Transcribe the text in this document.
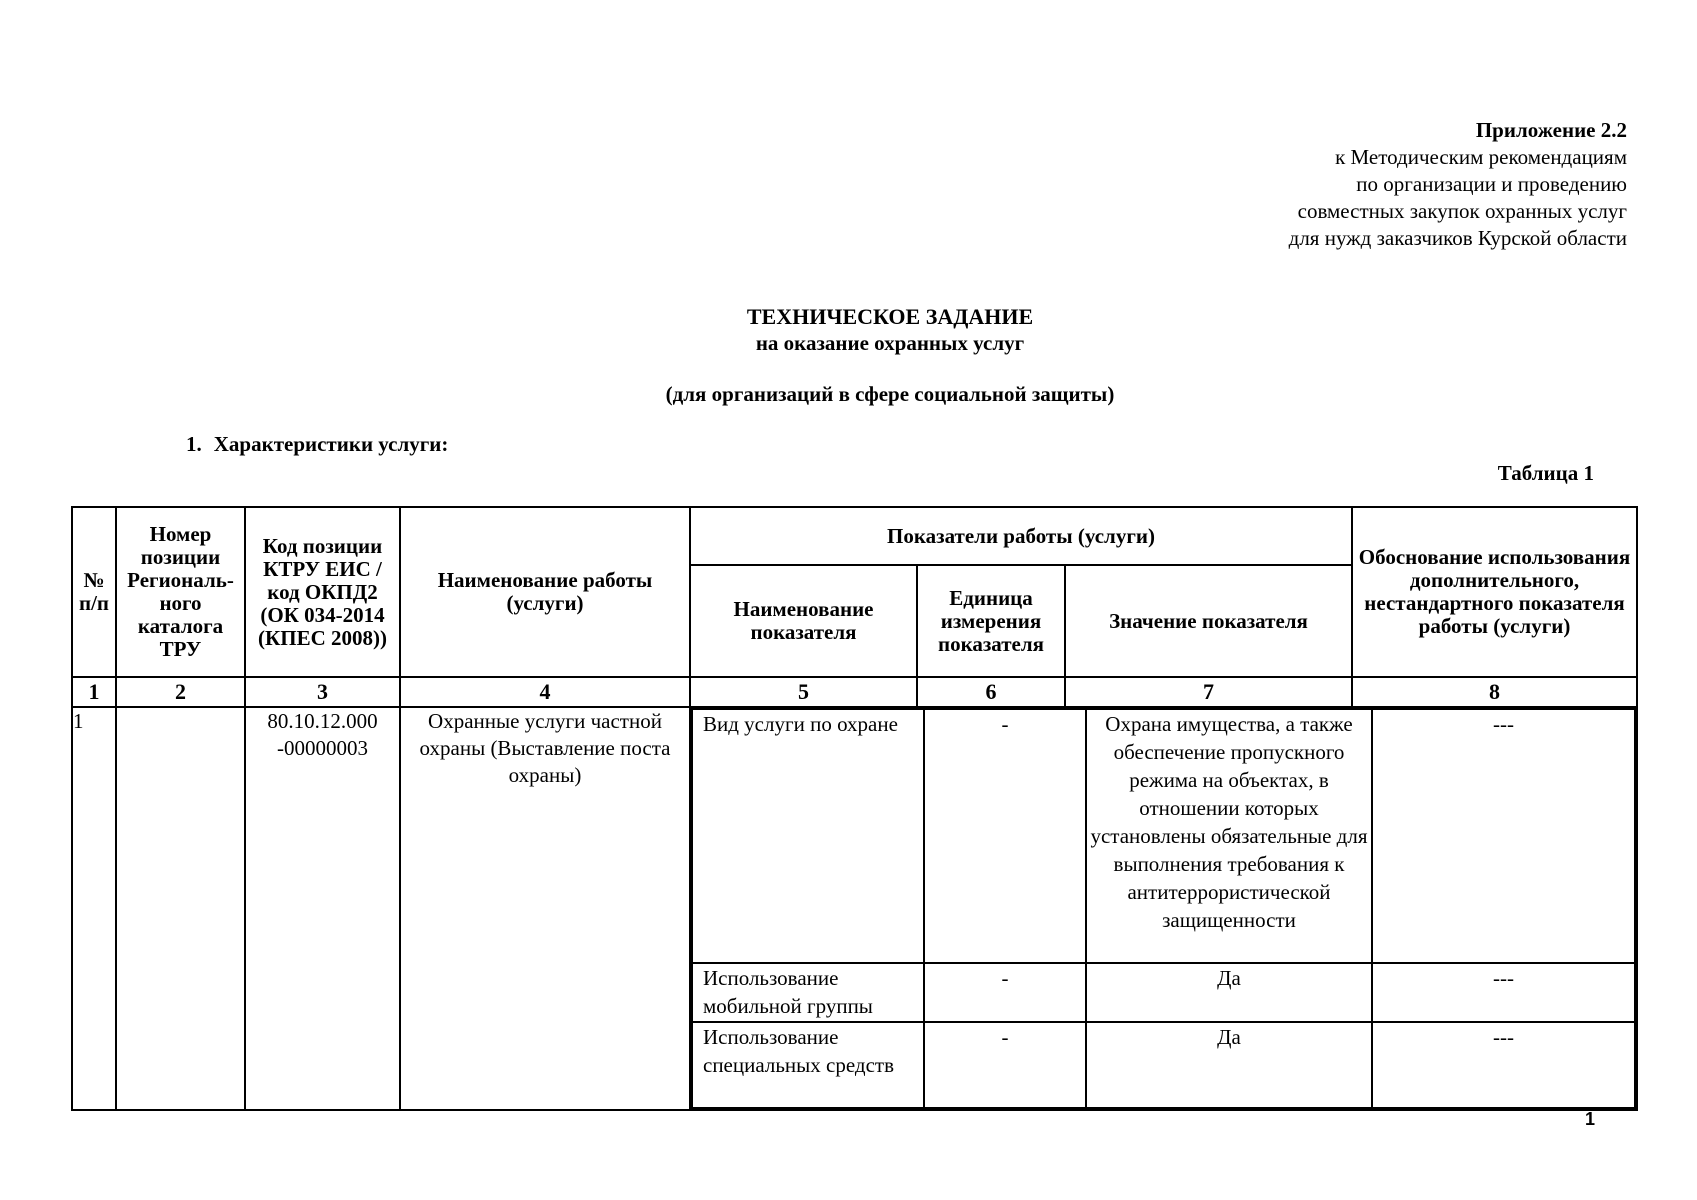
Приложение 2.2
к Методическим рекомендациям
по организации и проведению
совместных закупок охранных услуг
для нужд заказчиков Курской области
ТЕХНИЧЕСКОЕ ЗАДАНИЕ
на оказание охранных услуг
(для организаций в сфере социальной защиты)
1. Характеристики услуги:
Таблица 1
№ п/п	Номер позиции Региональ-ного каталога ТРУ	Код позиции КТРУ ЕИС / код ОКПД2 (ОК 034-2014 (КПЕС 2008))	Наименование работы (услуги)	Показатели работы (услуги)	Обоснование использования дополнительного, нестандартного показателя работы (услуги)
Наименование показателя	Единица измерения показателя	Значение показателя
1	2	3	4	5	6	7	8
1		80.10.12.000 -00000003	Охранные услуги частной охраны (Выставление поста охраны)	
Вид услуги по охране	-	Охрана имущества, а также обеспечение пропускного режима на объектах, в отношении которых установлены обязательные для выполнения требования к антитеррористической защищенности	---
Использование мобильной группы	-	Да	---
Использование специальных средств	-	Да	---
1
